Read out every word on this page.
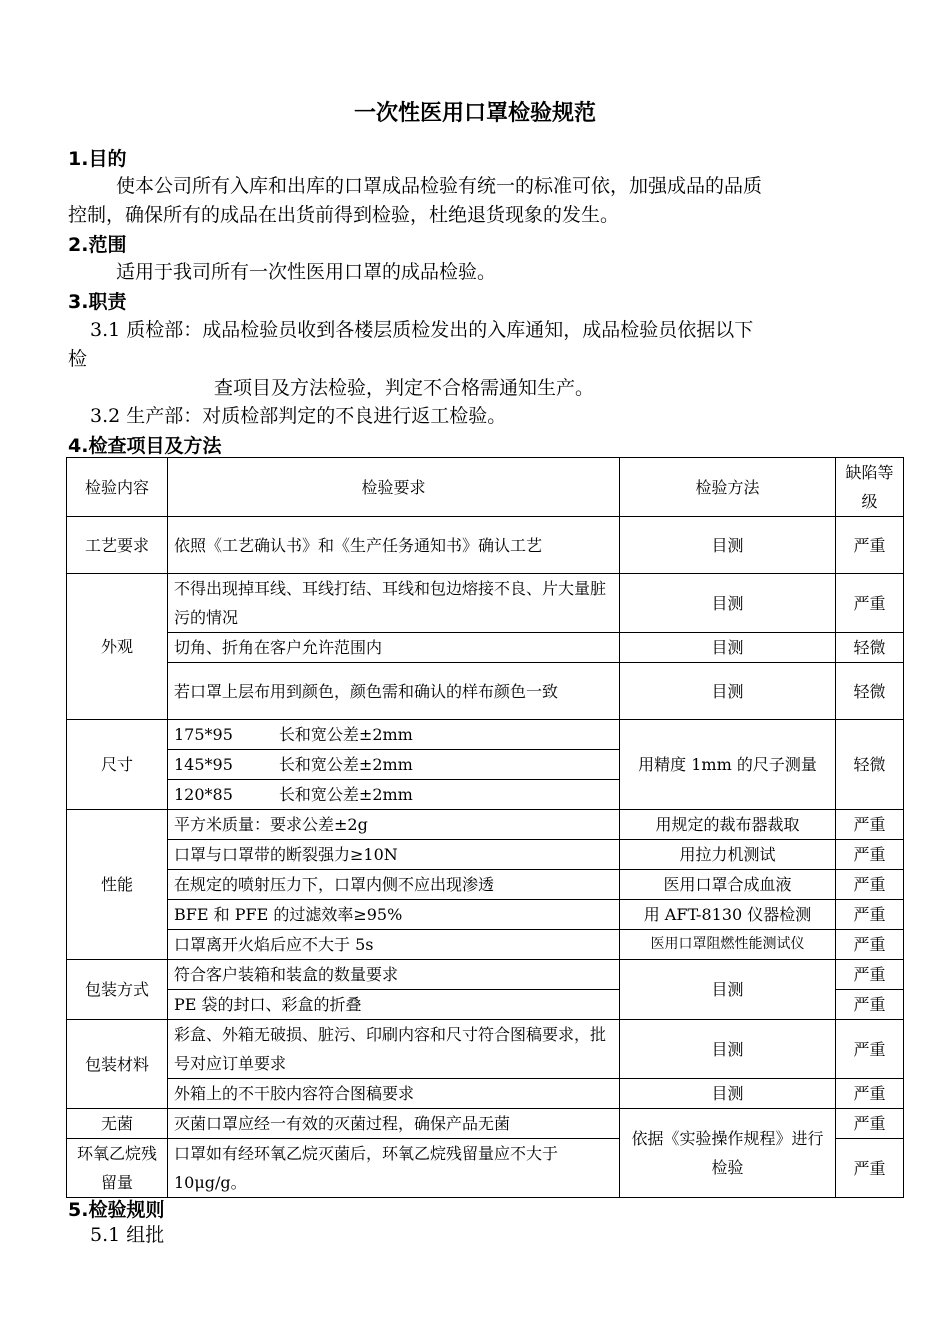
一次性医用口罩检验规范
1.目的
使本公司所有入库和出库的口罩成品检验有统一的标准可依，加强成品的品质
控制，确保所有的成品在出货前得到检验，杜绝退货现象的发生。
2.范围
适用于我司所有一次性医用口罩的成品检验。
3.职责
3.1 质检部：成品检验员收到各楼层质检发出的入库通知，成品检验员依据以下
检
查项目及方法检验，判定不合格需通知生产。
3.2 生产部：对质检部判定的不良进行返工检验。
4.检查项目及方法
检验内容	检验要求	检验方法	缺陷等级
工艺要求	依照《工艺确认书》和《生产任务通知书》确认工艺	目测	严重
外观	不得出现掉耳线、耳线打结、耳线和包边熔接不良、片大量脏污的情况	目测	严重
	切角、折角在客户允许范围内	目测	轻微
	若口罩上层布用到颜色，颜色需和确认的样布颜色一致	目测	轻微
尺寸	175*95 长和宽公差±2mm	用精度 1mm 的尺子测量	轻微
	145*95 长和宽公差±2mm		
	120*85 长和宽公差±2mm		
性能	平方米质量：要求公差±2g	用规定的裁布器裁取	严重
	口罩与口罩带的断裂强力≥10N	用拉力机测试	严重
	在规定的喷射压力下，口罩内侧不应出现渗透	医用口罩合成血液	严重
	BFE 和 PFE 的过滤效率≥95%	用 AFT-8130 仪器检测	严重
	口罩离开火焰后应不大于 5s	医用口罩阻燃性能测试仪	严重
包装方式	符合客户装箱和装盒的数量要求	目测	严重
	PE 袋的封口、彩盒的折叠		严重
包装材料	彩盒、外箱无破损、脏污、印刷内容和尺寸符合图稿要求，批号对应订单要求	目测	严重
	外箱上的不干胶内容符合图稿要求	目测	严重
无菌	灭菌口罩应经一有效的灭菌过程，确保产品无菌	依据《实验操作规程》进行检验	严重
环氧乙烷残留量	口罩如有经环氧乙烷灭菌后，环氧乙烷残留量应不大于 10μg/g。		严重
5.检验规则
5.1 组批
